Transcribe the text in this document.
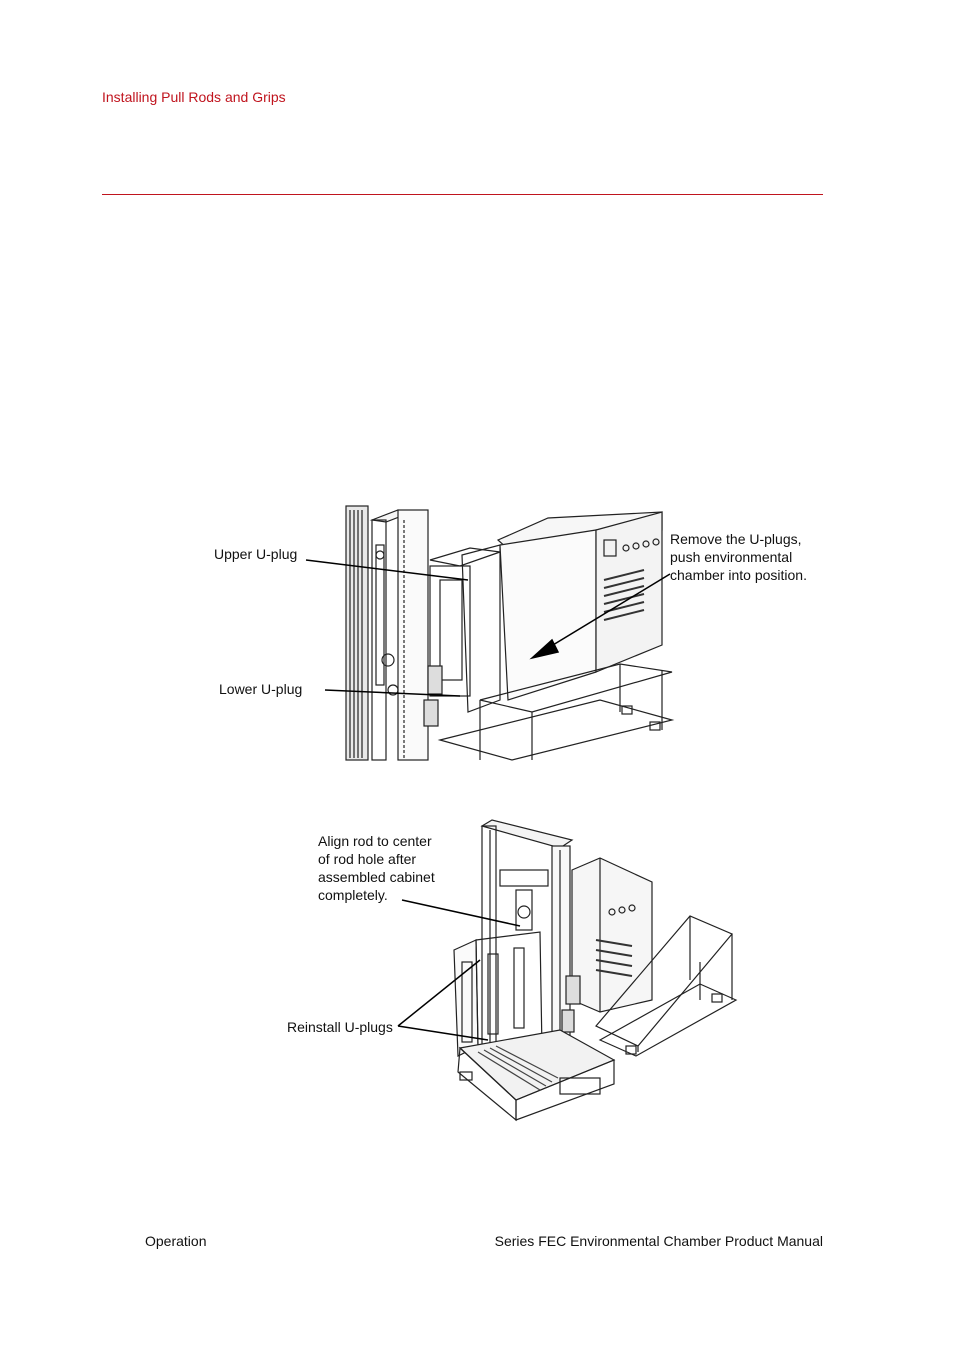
Installing Pull Rods and Grips
Upper U-plug
Lower U-plug
Remove the U-plugs,
push environmental
chamber into position.
Align rod to center
of rod hole after
assembled cabinet
completely.
Reinstall U-plugs
Operation	Series FEC Environmental Chamber Product Manual
